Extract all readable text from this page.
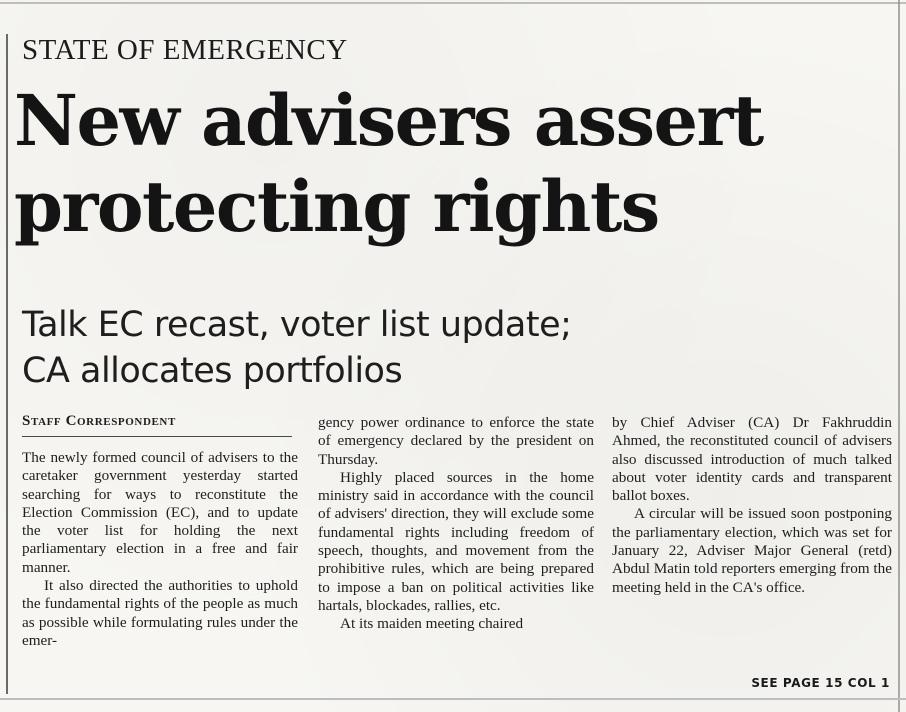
STATE OF EMERGENCY
New advisers assert
protecting rights
Talk EC recast, voter list update;
CA allocates portfolios

Staff Correspondent

The newly formed council of advisers to the caretaker government yesterday started searching for ways to reconstitute the Election Commission (EC), and to update the voter list for holding the next parliamentary election in a free and fair manner.

It also directed the authorities to uphold the fundamental rights of the people as much as possible while formulating rules under the emer-

gency power ordinance to enforce the state of emergency declared by the president on Thursday.

Highly placed sources in the home ministry said in accordance with the council of advisers' direction, they will exclude some fundamental rights including freedom of speech, thoughts, and movement from the prohibitive rules, which are being prepared to impose a ban on political activities like hartals, blockades, rallies, etc.

At its maiden meeting chaired

by Chief Adviser (CA) Dr Fakhruddin Ahmed, the reconstituted council of advisers also discussed introduction of much talked about voter identity cards and transparent ballot boxes.

A circular will be issued soon postponing the parliamentary election, which was set for January 22, Adviser Major General (retd) Abdul Matin told reporters emerging from the meeting held in the CA's office.

SEE PAGE 15 COL 1
